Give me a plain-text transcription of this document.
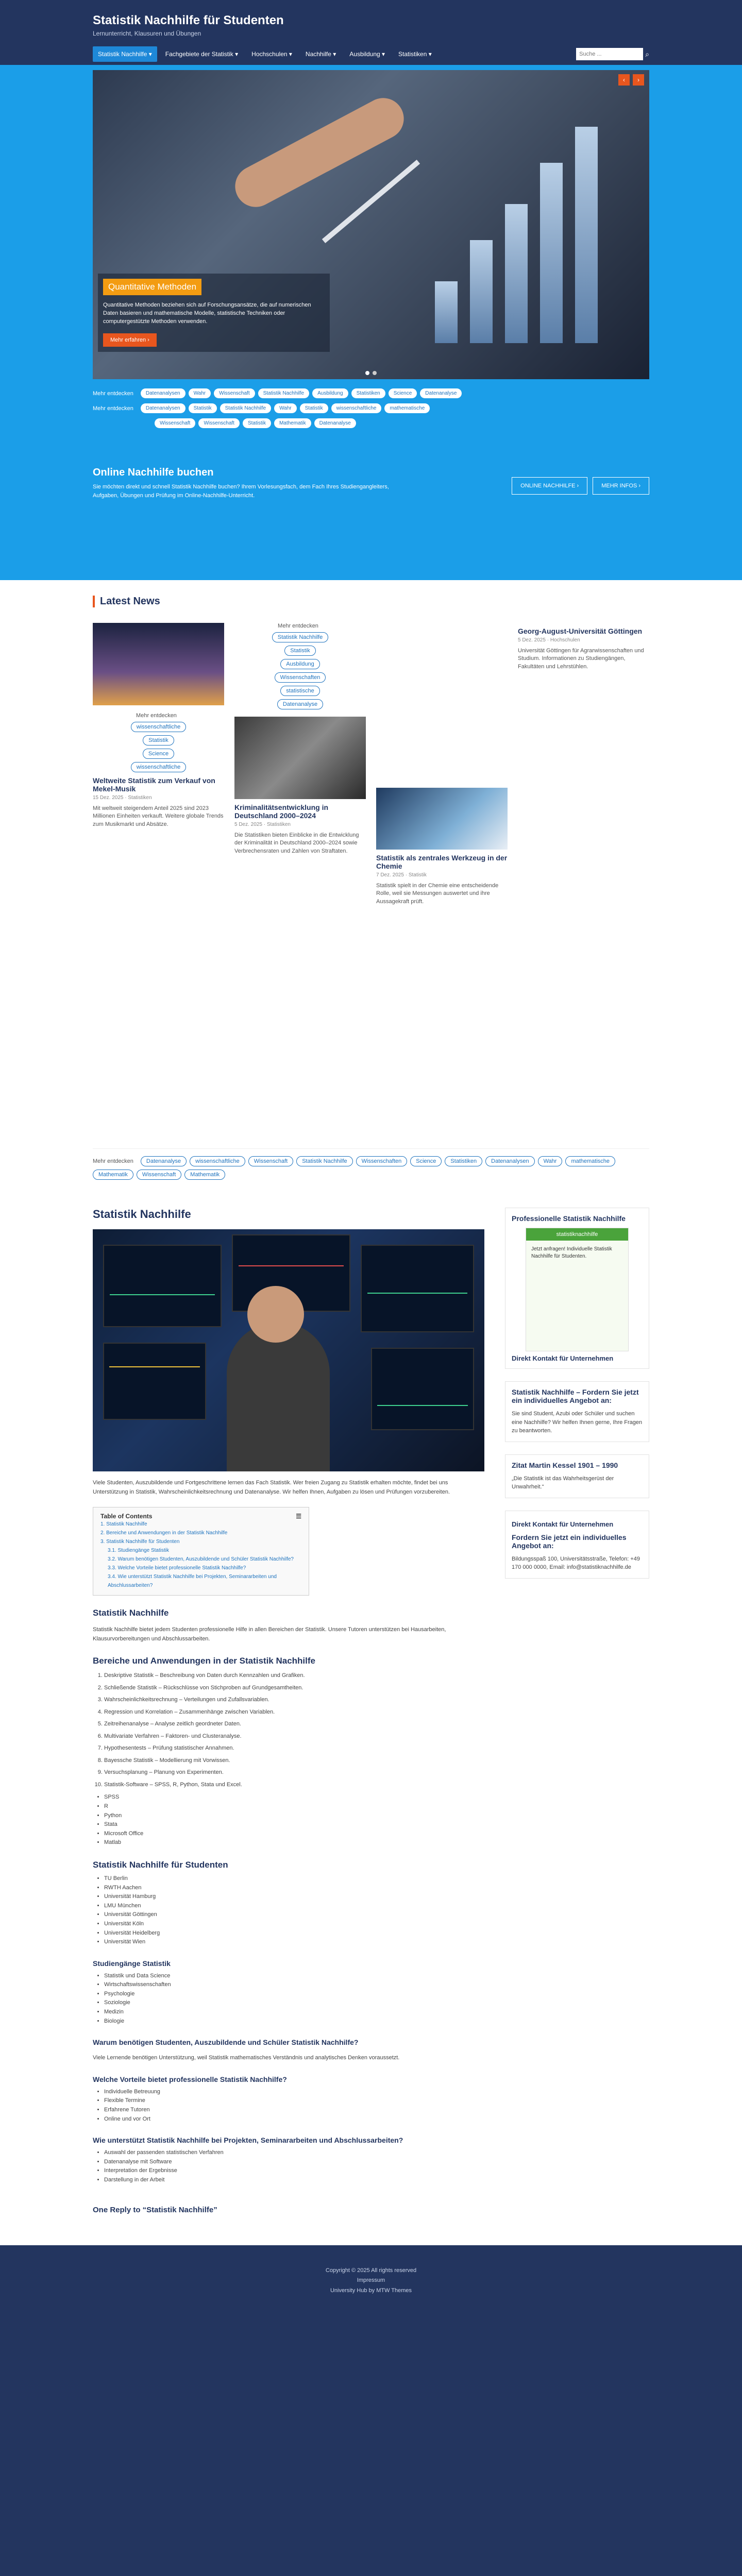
Statistik Nachhilfe für Studenten
Lernunterricht, Klausuren und Übungen
Statistik Nachhilfe ▾	Fachgebiete der Statistik ▾	Hochschulen ▾	Nachhilfe ▾	Ausbildung ▾	Statistiken ▾
Suche ...	⌕
‹	›
Quantitative Methoden
Quantitative Methoden beziehen sich auf Forschungsansätze, die auf numerischen Daten basieren und mathematische Modelle, statistische Techniken oder computergestützte Methoden verwenden.
Mehr erfahren ›
Mehr entdecken	Datenanalysen	Wahr	Wissenschaft	Statistik Nachhilfe	Ausbildung	Statistiken	Science	Datenanalyse
Mehr entdecken	Datenanalysen	Statistik	Statistik Nachhilfe	Wahr	Statistik	wissenschaftliche	mathematische
Wissenschaft	Wissenschaft	Statistik	Mathematik	Datenanalyse
Online Nachhilfe buchen
Sie möchten direkt und schnell Statistik Nachhilfe buchen? Ihrem Vorlesungsfach, dem Fach Ihres Studiengangleiters, Aufgaben, Übungen und Prüfung im Online-Nachhilfe-Unterricht.
ONLINE NACHHILFE ›	MEHR INFOS ›
Latest News
Mehr entdecken
wissenschaftliche
Statistik
Science
wissenschaftliche
Weltweite Statistik zum Verkauf von Mekel-Musik
15 Dez. 2025 · Statistiken
Mit weltweit steigendem Anteil 2025 sind 2023 Millionen Einheiten verkauft. Weitere globale Trends zum Musikmarkt und Absätze.
Mehr entdecken
Statistik Nachhilfe
Statistik
Ausbildung
Wissenschaften
statistische
Datenanalyse
Kriminalitätsentwicklung in Deutschland 2000–2024
5 Dez. 2025 · Statistiken
Die Statistiken bieten Einblicke in die Entwicklung der Kriminalität in Deutschland 2000–2024 sowie Verbrechensraten und Zahlen von Straftaten.
Statistik als zentrales Werkzeug in der Chemie
7 Dez. 2025 · Statistik
Statistik spielt in der Chemie eine entscheidende Rolle, weil sie Messungen auswertet und ihre Aussagekraft prüft.
Georg-August-Universität Göttingen
5 Dez. 2025 · Hochschulen
Universität Göttingen für Agrarwissenschaften und Studium. Informationen zu Studiengängen, Fakultäten und Lehrstühlen.
Mehr entdecken	Datenanalyse	wissenschaftliche	Wissenschaft	Statistik Nachhilfe	Wissenschaften	Science	Statistiken	Datenanalysen	Wahr	mathematische
Mathematik	Wissenschaft	Mathematik
Statistik Nachhilfe
Viele Studenten, Auszubildende und Fortgeschrittene lernen das Fach Statistik. Wer freien Zugang zu Statistik erhalten möchte, findet bei uns Unterstützung in Statistik, Wahrscheinlichkeitsrechnung und Datenanalyse. Wir helfen Ihnen, Aufgaben zu lösen und Prüfungen vorzubereiten.
Table of Contents	☰
1. Statistik Nachhilfe
2. Bereiche und Anwendungen in der Statistik Nachhilfe
3. Statistik Nachhilfe für Studenten
3.1. Studiengänge Statistik
3.2. Warum benötigen Studenten, Auszubildende und Schüler Statistik Nachhilfe?
3.3. Welche Vorteile bietet professionelle Statistik Nachhilfe?
3.4. Wie unterstützt Statistik Nachhilfe bei Projekten, Seminararbeiten und Abschlussarbeiten?
Statistik Nachhilfe
Statistik Nachhilfe bietet jedem Studenten professionelle Hilfe in allen Bereichen der Statistik. Unsere Tutoren unterstützen bei Hausarbeiten, Klausurvorbereitungen und Abschlussarbeiten.
Bereiche und Anwendungen in der Statistik Nachhilfe
1. Deskriptive Statistik – Beschreibung von Daten durch Kennzahlen und Grafiken.
2. Schließende Statistik – Rückschlüsse von Stichproben auf Grundgesamtheiten.
3. Wahrscheinlichkeitsrechnung – Verteilungen und Zufallsvariablen.
4. Regression und Korrelation – Zusammenhänge zwischen Variablen.
5. Zeitreihenanalyse – Analyse zeitlich geordneter Daten.
6. Multivariate Verfahren – Faktoren- und Clusteranalyse.
7. Hypothesentests – Prüfung statistischer Annahmen.
8. Bayessche Statistik – Modellierung mit Vorwissen.
9. Versuchsplanung – Planung von Experimenten.
10. Statistik-Software – SPSS, R, Python, Stata und Excel.
• SPSS
• R
• Python
• Stata
• Microsoft Office
• Matlab
Statistik Nachhilfe für Studenten
• TU Berlin
• RWTH Aachen
• Universität Hamburg
• LMU München
• Universität Göttingen
• Universität Köln
• Universität Heidelberg
• Universität Wien
Studiengänge Statistik
• Statistik und Data Science
• Wirtschaftswissenschaften
• Psychologie
• Soziologie
• Medizin
• Biologie
Warum benötigen Studenten, Auszubildende und Schüler Statistik Nachhilfe?
Viele Lernende benötigen Unterstützung, weil Statistik mathematisches Verständnis und analytisches Denken voraussetzt.
Welche Vorteile bietet professionelle Statistik Nachhilfe?
• Individuelle Betreuung
• Flexible Termine
• Erfahrene Tutoren
• Online und vor Ort
Wie unterstützt Statistik Nachhilfe bei Projekten, Seminararbeiten und Abschlussarbeiten?
• Auswahl der passenden statistischen Verfahren
• Datenanalyse mit Software
• Interpretation der Ergebnisse
• Darstellung in der Arbeit
One Reply to “Statistik Nachhilfe”
Professionelle Statistik Nachhilfe
statistiknachhilfe
Jetzt anfragen! Individuelle Statistik Nachhilfe für Studenten.
Direkt Kontakt für Unternehmen
Statistik Nachhilfe – Fordern Sie jetzt ein individuelles Angebot an:
Sie sind Student, Azubi oder Schüler und suchen eine Nachhilfe? Wir helfen Ihnen gerne, Ihre Fragen zu beantworten.
Zitat Martin Kessel 1901 – 1990
„Die Statistik ist das Wahrheitsgerüst der Unwahrheit.“
Direkt Kontakt für Unternehmen
Fordern Sie jetzt ein individuelles Angebot an:
Bildungsspaß 100, Universitätsstraße, Telefon: +49 170 000 0000, Email: info@statistiknachhilfe.de
Copyright © 2025 All rights reserved
Impressum
University Hub by MTW Themes
